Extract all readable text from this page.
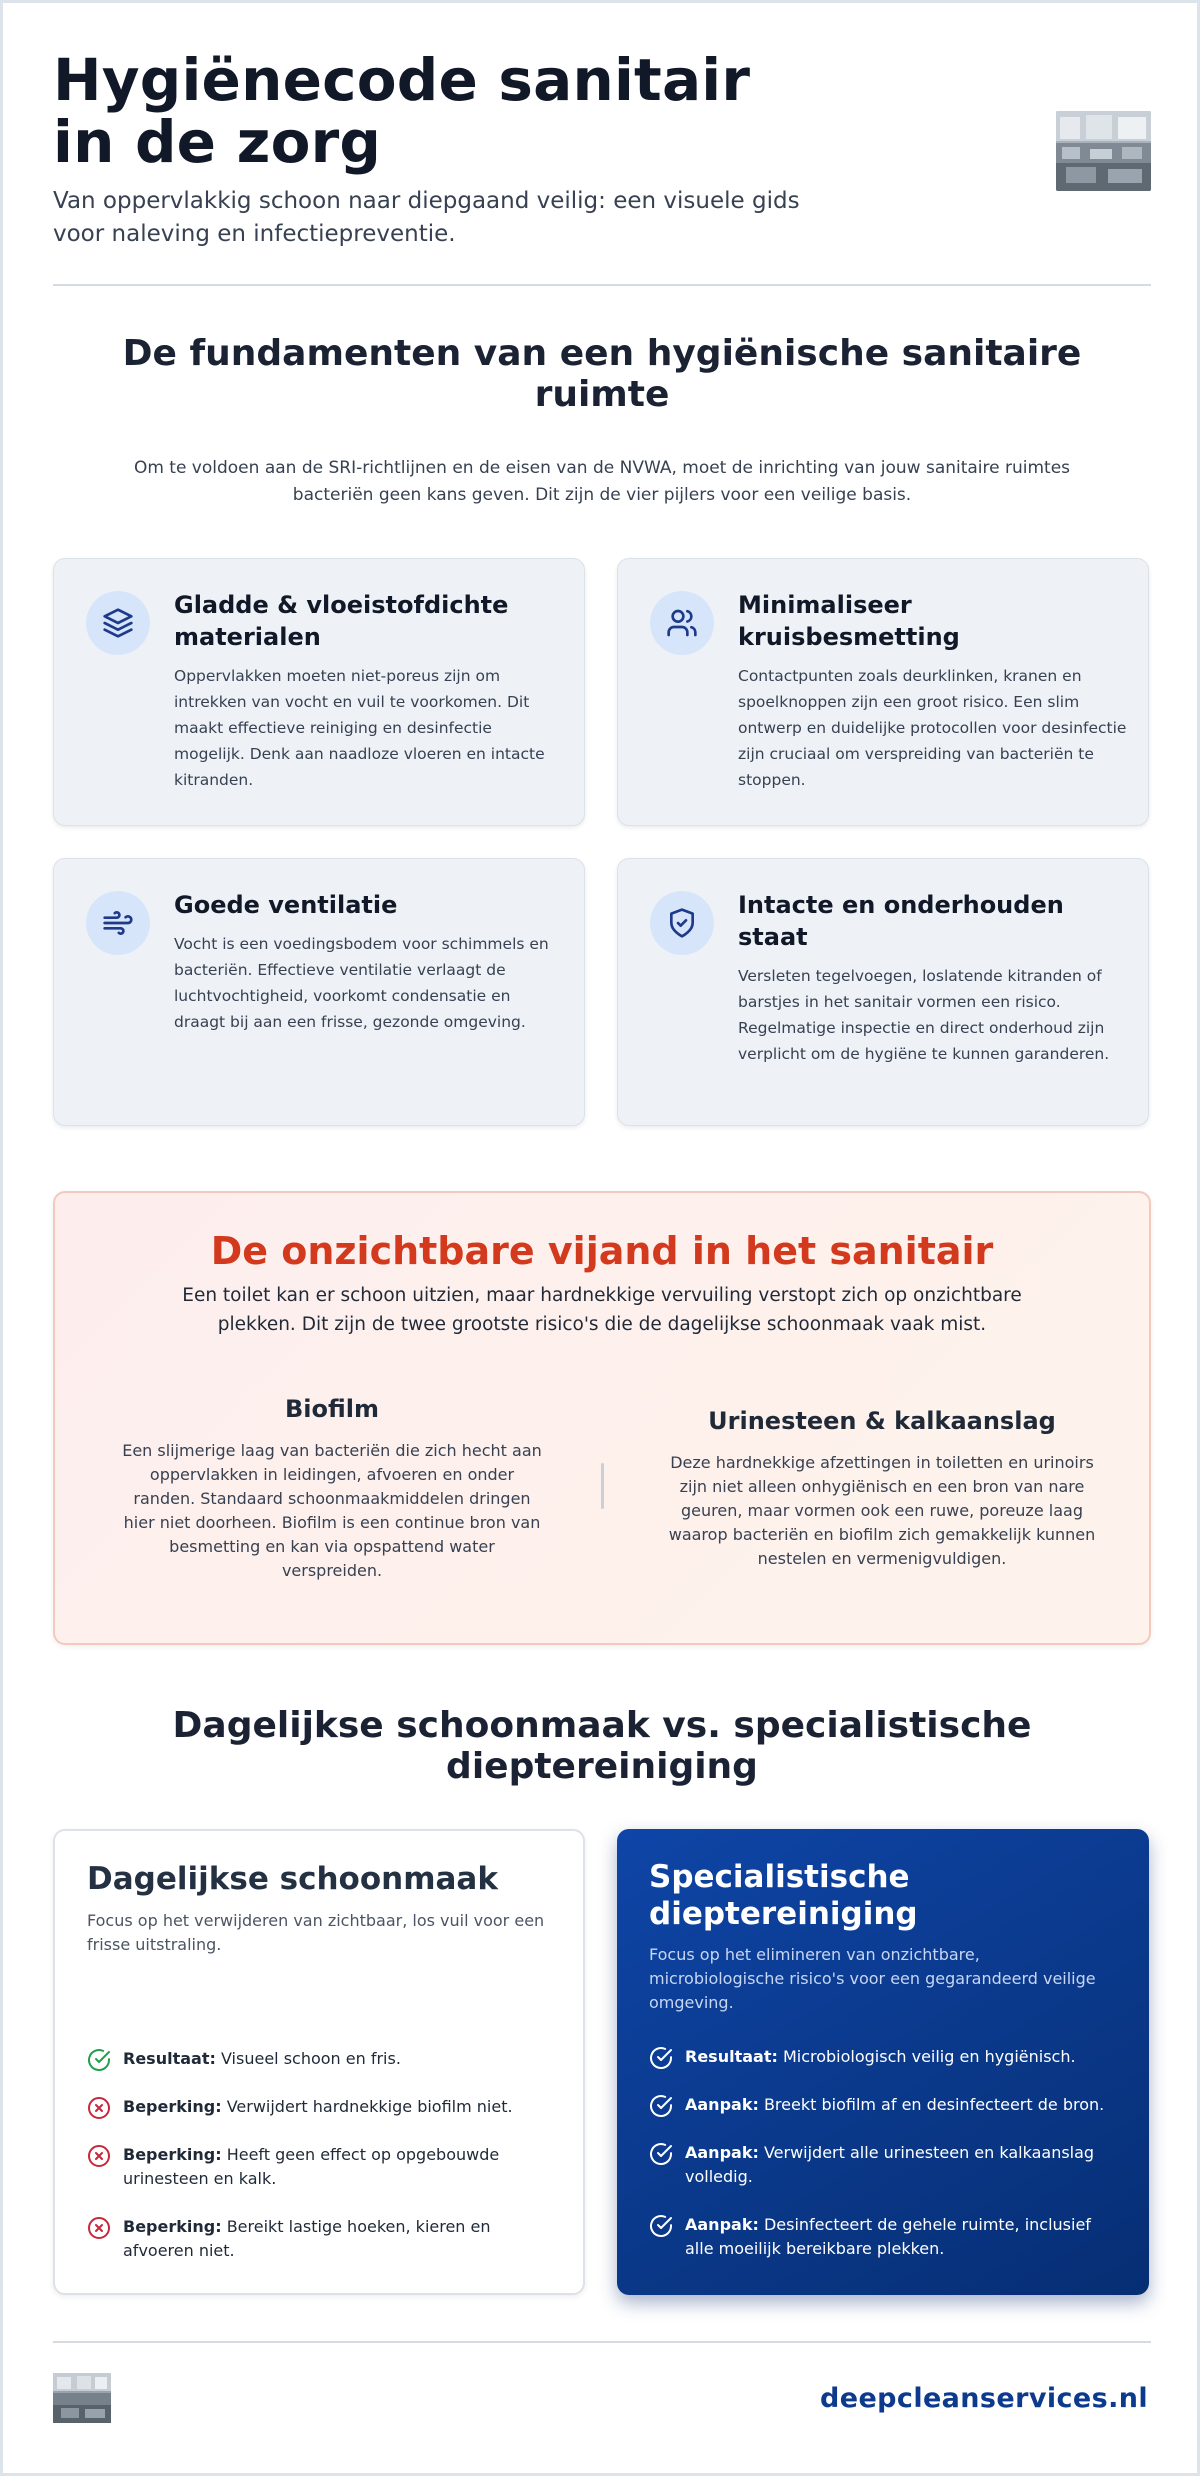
Hygiënecode sanitair in de zorg

Van oppervlakkig schoon naar diepgaand veilig: een visuele gids voor naleving en infectiepreventie.

De fundamenten van een hygiënische sanitaire ruimte

Om te voldoen aan de SRI-richtlijnen en de eisen van de NVWA, moet de inrichting van jouw sanitaire ruimtes bacteriën geen kans geven. Dit zijn de vier pijlers voor een veilige basis.

Gladde & vloeistofdichte materialen

Oppervlakken moeten niet-poreus zijn om intrekken van vocht en vuil te voorkomen. Dit maakt effectieve reiniging en desinfectie mogelijk. Denk aan naadloze vloeren en intacte kitranden.

Minimaliseer kruisbesmetting

Contactpunten zoals deurklinken, kranen en spoelknoppen zijn een groot risico. Een slim ontwerp en duidelijke protocollen voor desinfectie zijn cruciaal om verspreiding van bacteriën te stoppen.

Goede ventilatie

Vocht is een voedingsbodem voor schimmels en bacteriën. Effectieve ventilatie verlaagt de luchtvochtigheid, voorkomt condensatie en draagt bij aan een frisse, gezonde omgeving.

Intacte en onderhouden staat

Versleten tegelvoegen, loslatende kitranden of barstjes in het sanitair vormen een risico. Regelmatige inspectie en direct onderhoud zijn verplicht om de hygiëne te kunnen garanderen.

De onzichtbare vijand in het sanitair

Een toilet kan er schoon uitzien, maar hardnekkige vervuiling verstopt zich op onzichtbare plekken. Dit zijn de twee grootste risico's die de dagelijkse schoonmaak vaak mist.

Biofilm

Een slijmerige laag van bacteriën die zich hecht aan oppervlakken in leidingen, afvoeren en onder randen. Standaard schoonmaakmiddelen dringen hier niet doorheen. Biofilm is een continue bron van besmetting en kan via opspattend water verspreiden.

Urinesteen & kalkaanslag

Deze hardnekkige afzettingen in toiletten en urinoirs zijn niet alleen onhygiënisch en een bron van nare geuren, maar vormen ook een ruwe, poreuze laag waarop bacteriën en biofilm zich gemakkelijk kunnen nestelen en vermenigvuldigen.

Dagelijkse schoonmaak vs. specialistische dieptereiniging
Dagelijkse schoonmaak

Focus op het verwijderen van zichtbaar, los vuil voor een frisse uitstraling.

Resultaat: Visueel schoon en fris.
Beperking: Verwijdert hardnekkige biofilm niet.
Beperking: Heeft geen effect op opgebouwde urinesteen en kalk.
Beperking: Bereikt lastige hoeken, kieren en afvoeren niet.
Specialistische dieptereiniging

Focus op het elimineren van onzichtbare, microbiologische risico's voor een gegarandeerd veilige omgeving.

Resultaat: Microbiologisch veilig en hygiënisch.
Aanpak: Breekt biofilm af en desinfecteert de bron.
Aanpak: Verwijdert alle urinesteen en kalkaanslag volledig.
Aanpak: Desinfecteert de gehele ruimte, inclusief alle moeilijk bereikbare plekken.
deepcleanservices.nl
